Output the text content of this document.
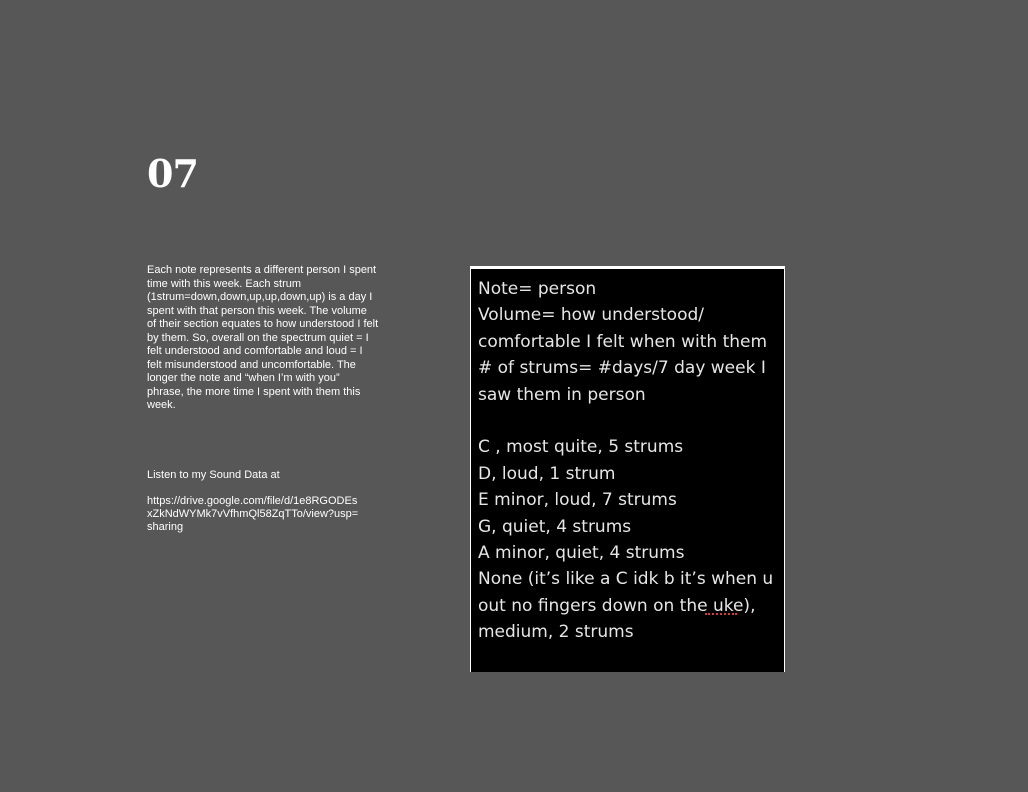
07

Each note represents a different person I spent time with this week. Each strum (1strum=down,down,up,up,down,up) is a day I spent with that person this week. The volume of their section equates to how understood I felt by them. So, overall on the spectrum quiet = I felt understood and comfortable and loud = I felt misunderstood and uncomfortable. The longer the note and “when I’m with you” phrase, the more time I spent with them this week.

Listen to my Sound Data at

https://drive.google.com/file/d/1e8RGODEsxZkNdWYMk7vVfhmQl58ZqTTo/view?usp=sharing
Note= person
Volume= how understood/
comfortable I felt when with them
# of strums= #days/7 day week I
saw them in person
C , most quite, 5 strums
D, loud, 1 strum
E minor, loud, 7 strums
G, quiet, 4 strums
A minor, quiet, 4 strums
None (it’s like a C idk b it’s when u
out no fingers down on the uke),
medium, 2 strums
